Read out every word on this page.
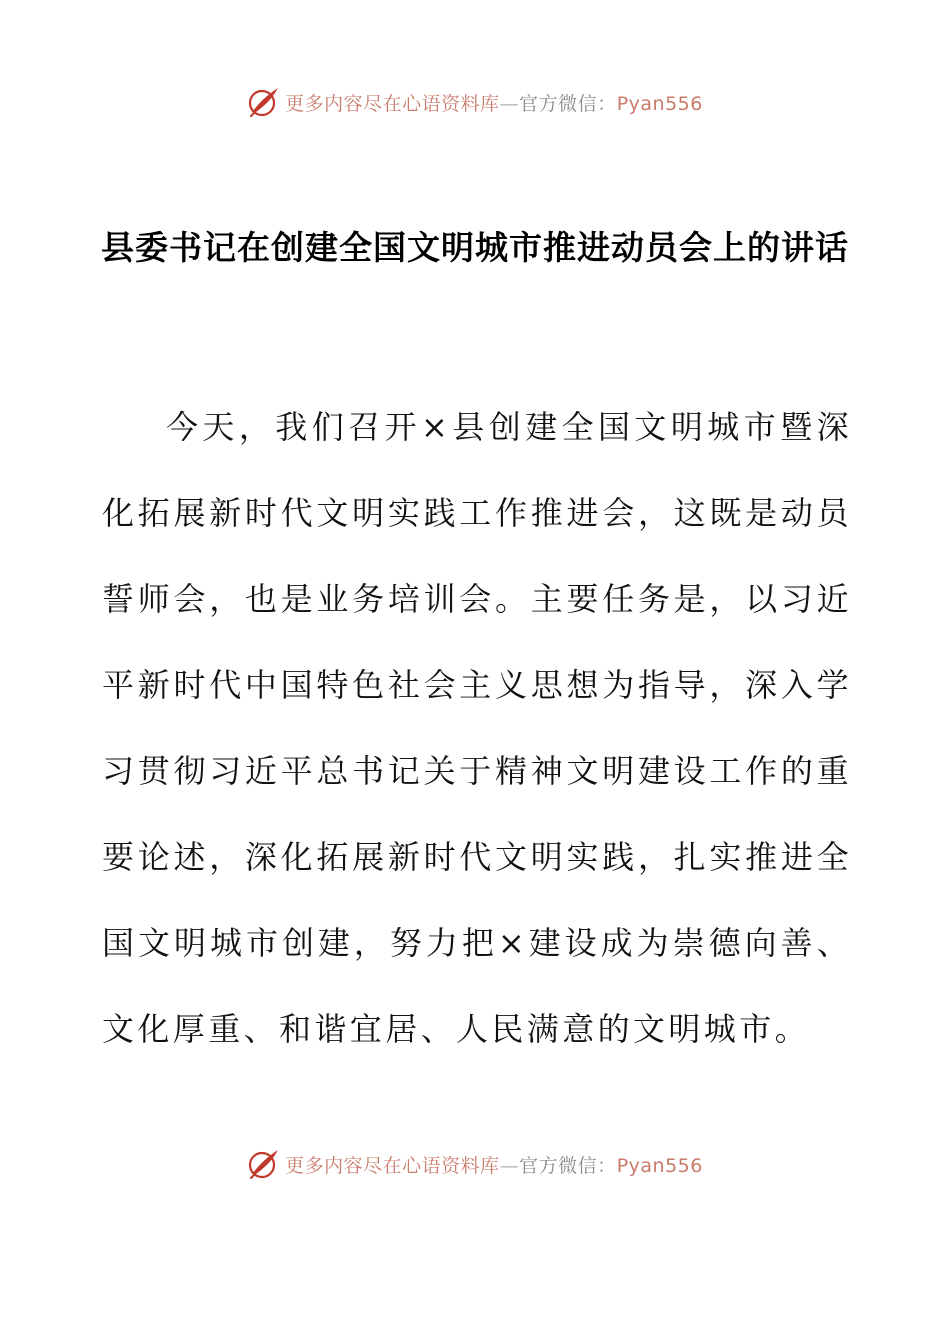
更多内容尽在心语资料库—官方微信：Pyan556
县委书记在创建全国文明城市推进动员会上的讲话

今天，我们召开×县创建全国文明城市暨深化拓展新时代文明实践工作推进会，这既是动员誓师会，也是业务培训会。主要任务是，以习近平新时代中国特色社会主义思想为指导，深入学习贯彻习近平总书记关于精神文明建设工作的重要论述，深化拓展新时代文明实践，扎实推进全国文明城市创建，努力把×建设成为崇德向善、文化厚重、和谐宜居、人民满意的文明城市。

更多内容尽在心语资料库—官方微信：Pyan556
